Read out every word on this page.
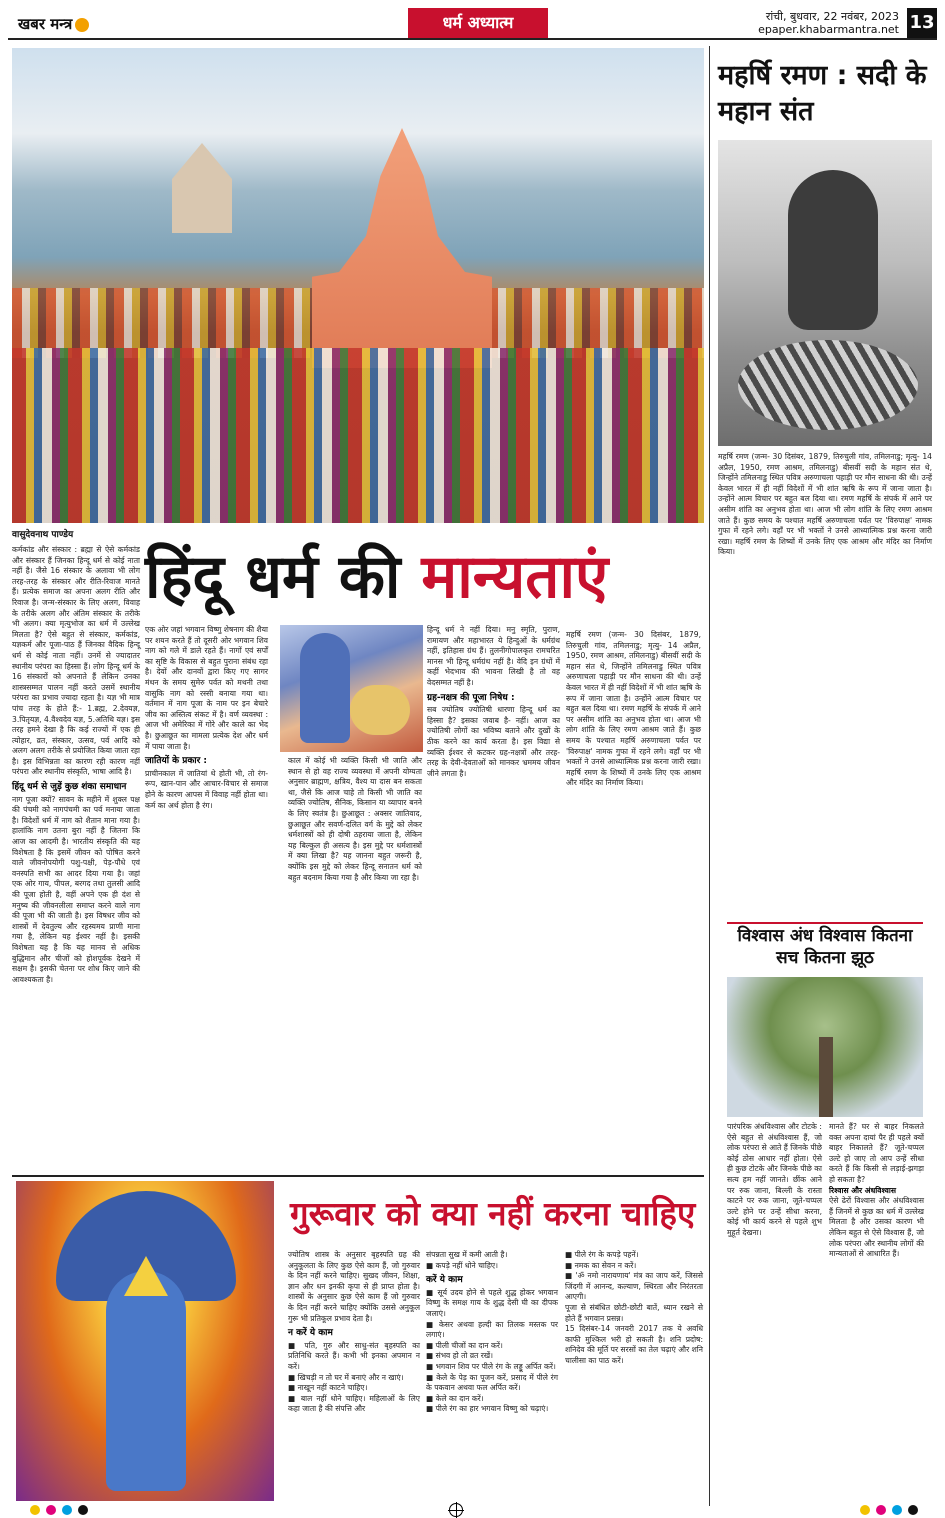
खबर मन्त्र	धर्म अध्यात्म	रांची, बुधवार, 22 नवंबर, 2023
epaper.khabarmantra.net 13
महर्षि रमण : सदी के महान संत
महर्षि रमण (जन्म- 30 दिसंबर, 1879, तिरुचुली गांव, तमिलनाडु; मृत्यु- 14 अप्रैल, 1950, रमण आश्रम, तमिलनाडु) बीसवीं सदी के महान संत थे, जिन्होंने तमिलनाडु स्थित पवित्र अरुणाचला पहाड़ी पर मौन साधना की थी। उन्हें केवल भारत में ही नहीं विदेशों में भी शांत ऋषि के रूप में जाना जाता है। उन्होंने आत्म विचार पर बहुत बल दिया था। रमण महर्षि के संपर्क में आने पर असीम शांति का अनुभव होता था। आज भी लोग शांति के लिए रमण आश्रम जाते हैं। कुछ समय के पश्चात महर्षि अरुणाचला पर्वत पर 'विरुपाक्ष' नामक गुफा में रहने लगे। वहाँ पर भी भक्तों ने उनसे आध्यात्मिक प्रश्न करना जारी रखा। महर्षि रमण के शिष्यों में उनके लिए एक आश्रम और मंदिर का निर्माण किया।
विश्वास अंध विश्वास कितना सच कितना झूठ
पारंपरिक अंधविश्वास और टोटके : ऐसे बहुत से अंधविश्वास हैं, जो लोक परंपरा से आते हैं जिनके पीछे कोई ठोस आधार नहीं होता। ऐसे ही कुछ टोटके और जिनके पीछे का सत्य हम नहीं जानते। छींक आने पर रुक जाना, बिल्ली के रास्ता काटने पर रुक जाना, जूते-चप्पल उल्टे होने पर उन्हें सीधा करना, कोई भी कार्य करने से पहले शुभ मुहूर्त देखना।
मानते हैं? घर से बाहर निकलते वक्त अपना दायां पैर ही पहले क्यों बाहर निकालते हैं? जूते-चप्पल उल्टे हो जाए तो आप उन्हें सीधा करते हैं कि किसी से लड़ाई-झगड़ा हो सकता है?
रिश्वास और अंधविश्वास
ऐसे ढेरों विश्वास और अंधविश्वास हैं जिनमें से कुछ का धर्म में उल्लेख मिलता है और उसका कारण भी लेकिन बहुत से ऐसे विश्वास हैं, जो लोक परंपरा और स्थानीय लोगों की मान्यताओं से आधारित हैं।
वासुदेवनाथ पाण्डेय
हिंदू धर्म की मान्यताएं
कर्मकांड और संस्कार : ब्रह्मा से ऐसे कर्मकांड और संस्कार हैं जिनका हिन्दू धर्म से कोई नाता नहीं है। जैसे 16 संस्कार के अलावा भी लोग तरह-तरह के संस्कार और रीति-रिवाज मानते हैं। प्रत्येक समाज का अपना अलग रीति और रिवाज है। जन्म-संस्कार के लिए अलग, विवाह के तरीके अलग और अंतिम संस्कार के तरीके भी अलग। क्या मृत्युभोज का धर्म में उल्लेख मिलता है? ऐसे बहुत से संस्कार, कर्मकांड, यज्ञकर्म और पूजा-पाठ हैं जिनका वैदिक हिन्दू धर्म से कोई नाता नहीं। उनमें से ज्यादातर स्थानीय परंपरा का हिस्सा हैं। लोग हिन्दू धर्म के 16 संस्कारों को अपनाते हैं लेकिन उनका शास्त्रसम्मत पालन नहीं करते उसमें स्थानीय परंपरा का प्रभाव ज्यादा रहता है। यज्ञ भी मात्र पांच तरह के होते हैं:- 1.ब्रह्म, 2.देवयज्ञ, 3.पितृयज्ञ, 4.वैश्वदेव यज्ञ, 5.अतिथि यज्ञ। इस तरह हमने देखा है कि कई राज्यों में एक ही त्योहार, व्रत, संस्कार, उत्सव, पर्व आदि को अलग अलग तरीके से प्रयोजित किया जाता रहा है। इस विभिन्नता का कारण रही कारण नहीं परंपरा और स्थानीय संस्कृति, भाषा आदि है।
हिंदू धर्म से जुड़ें कुछ शंका समाधान
नाग पूजा क्यों? सावन के महीने में शुक्ल पक्ष की पंचमी को नागपंचमी का पर्व मनाया जाता है। विदेशों धर्म में नाग को शैतान माना गया है। हालांकि नाग उतना बुरा नहीं है जितना कि आज का आदमी है। भारतीय संस्कृति की यह विशेषता है कि इसमें जीवन को पोषित करने वाले जीवनोपयोगी पशु-पक्षी, पेड़-पौधे एवं वनस्पति सभी का आदर दिया गया है। जहां एक ओर गाय, पीपल, बरगद तथा तुलसी आदि की पूजा होती है, वहीं अपने एक ही दंश से मनुष्य की जीवनलीला समाप्त करने वाले नाग की पूजा भी की जाती है। इस विषधर जीव को शास्त्रों में देवतुल्य और रहस्यमय प्राणी माना गया है, लेकिन यह ईश्वर नहीं है। इसकी विशेषता यह है कि यह मानव से अधिक बुद्धिमान और चीजों को होशपूर्वक देखने में सक्षम है। इसकी चेतना पर शोध किए जाने की आवश्यकता है।
एक ओर जहां भगवान विष्णु शेषनाग की शैया पर शयन करते हैं तो दूसरी ओर भगवान शिव नाग को गले में डाले रहते हैं। नागों एवं सर्पों का सृष्टि के विकास से बहुत पुराना संबंध रहा है। देवों और दानवों द्वारा किए गए सागर मंथन के समय सुमेरु पर्वत को मथनी तथा वासुकि नाग को रस्सी बनाया गया था। वर्तमान में नाग पूजा के नाम पर इन बेचारे जीव का अस्तित्व संकट में है। वर्ण व्यवस्था : आज भी अमेरिका में गोरे और काले का भेद है। छुआछूत का मामला प्रत्येक देश और धर्म में पाया जाता है।
जातियों के प्रकार :
प्राचीनकाल में जातियां थे होती भी, तो रंग-रूप, खान-पान और आचार-विचार से समाज होने के कारण आपस में विवाह नहीं होता था। कर्म का अर्थ होता है रंग।
काल में कोई भी व्यक्ति किसी भी जाति और स्थान से हो वह राज्य व्यवस्था में अपनी योग्यता अनुसार ब्राह्मण, क्षत्रिय, वैश्य या दास बन सकता था, जैसे कि आज चाहे तो किसी भी जाति का व्यक्ति ज्योतिष, सैनिक, किसान या व्यापार बनने के लिए स्वतंत्र है। छुआछूत : अक्सर जातिवाद, छुआछूत और सवर्ण-दलित वर्ग के मुद्दे को लेकर धर्मशास्त्रों को ही दोषी ठहराया जाता है, लेकिन यह बिल्कुल ही असत्य है। इस मुद्दे पर धर्मशास्त्रों में क्या लिखा है? यह जानना बहुत जरूरी है, क्योंकि इस मुद्दे को लेकर हिन्दू सनातन धर्म को बहुत बदनाम किया गया है और किया जा रहा है।
हिन्दू धर्म ने नहीं दिया। मनु स्मृति, पुराण, रामायण और महाभारत ये हिन्दुओं के धर्मग्रंथ नहीं, इतिहास ग्रंथ हैं। तुलनीगोपालकृत रामचरित मानस भी हिन्दू धर्मग्रंथ नहीं है। वेदि इन ग्रंथों में कहीं भेदभाव की भावना लिखी है तो वह वेदसम्मत नहीं है।
ग्रह-नक्षत्र की पूजा निषेध :
सब ज्योतिष ज्योतिषी धारणा हिन्दू धर्म का हिस्सा है? इसका जवाब है- नहीं। आज का ज्योतिषी लोगों का भविष्य बताने और दुखों के ठीक करने का कार्य करता है। इस विद्या से व्यक्ति ईश्वर से कटकर ग्रह-नक्षत्रों और तरह-तरह के देवी-देवताओं को मानकर भ्रममय जीवन जीने लगता है।
महर्षि रमण (जन्म- 30 दिसंबर, 1879, तिरुचुली गांव, तमिलनाडु; मृत्यु- 14 अप्रैल, 1950, रमण आश्रम, तमिलनाडु) बीसवीं सदी के महान संत थे, जिन्होंने तमिलनाडु स्थित पवित्र अरुणाचला पहाड़ी पर मौन साधना की थी। उन्हें केवल भारत में ही नहीं विदेशों में भी शांत ऋषि के रूप में जाना जाता है। उन्होंने आत्म विचार पर बहुत बल दिया था। रमण महर्षि के संपर्क में आने पर असीम शांति का अनुभव होता था। आज भी लोग शांति के लिए रमण आश्रम जाते हैं। कुछ समय के पश्चात महर्षि अरुणाचला पर्वत पर 'विरुपाक्ष' नामक गुफा में रहने लगे। वहाँ पर भी भक्तों ने उनसे आध्यात्मिक प्रश्न करना जारी रखा। महर्षि रमण के शिष्यों में उनके लिए एक आश्रम और मंदिर का निर्माण किया।
गुरूवार को क्या नहीं करना चाहिए
ज्योतिष शास्त्र के अनुसार बृहस्पति ग्रह की अनुकूलता के लिए कुछ ऐसे काम हैं, जो गुरुवार के दिन नहीं करने चाहिए। सुखद जीवन, शिक्षा, ज्ञान और धन इनकी कृपा से ही प्राप्त होता है। शास्त्रों के अनुसार कुछ ऐसे काम हैं जो गुरुवार के दिन नहीं करने चाहिए क्योंकि उससे अनुकूल गुरू भी प्रतिकूल प्रभाव देता है।
न करें ये काम
■ पति, गुरु और साधु-संत बृहस्पति का प्रतिनिधि करते हैं। कभी भी इनका अपमान न करें।
■ खिचड़ी न तो घर में बनाएं और न खाएं।
■ नाखून नहीं काटने चाहिए।
■ बाल नहीं धोने चाहिए। महिलाओं के लिए कहा जाता है की संपत्ति और
संपन्नता सुख में कमी आती है।
■ कपड़े नहीं धोने चाहिए।
करें ये काम
■ सूर्य उदय होने से पहले शुद्ध होकर भगवान विष्णु के समक्ष गाय के शुद्ध देसी घी का दीपक जलाएं।
■ केसर अथवा हल्दी का तिलक मस्तक पर लगाएं।
■ पीली चीजों का दान करें।
■ संभव हो तो व्रत रखें।
■ भगवान शिव पर पीले रंग के लड्डू अर्पित करें।
■ केले के पेड़ का पूजन करें, प्रसाद में पीले रंग के पकवान अथवा फल अर्पित करें।
■ केले का दान करें।
■ पीले रंग का हार भगवान विष्णु को चढ़ाएं।
■ पीले रंग के कपड़े पहनें।
■ नमक का सेवन न करें।
■ 'ॐ नमो नारायणाय' मंत्र का जाप करें, जिससे जिंदगी में आनन्द, कल्याण, स्थिरता और निरंतरता आएगी।
पूजा से संबंधित छोटी-छोटी बातें, ध्यान रखने से होते हैं भगवान प्रसन्न।
15 दिसंबर-14 जनवरी 2017 तक ये अवधि काफी मुश्किल भरी हो सकती है। शनि प्रदोष: शनिदेव की मूर्ति पर सरसों का तेल चढ़ाएं और शनि चालीसा का पाठ करें।
